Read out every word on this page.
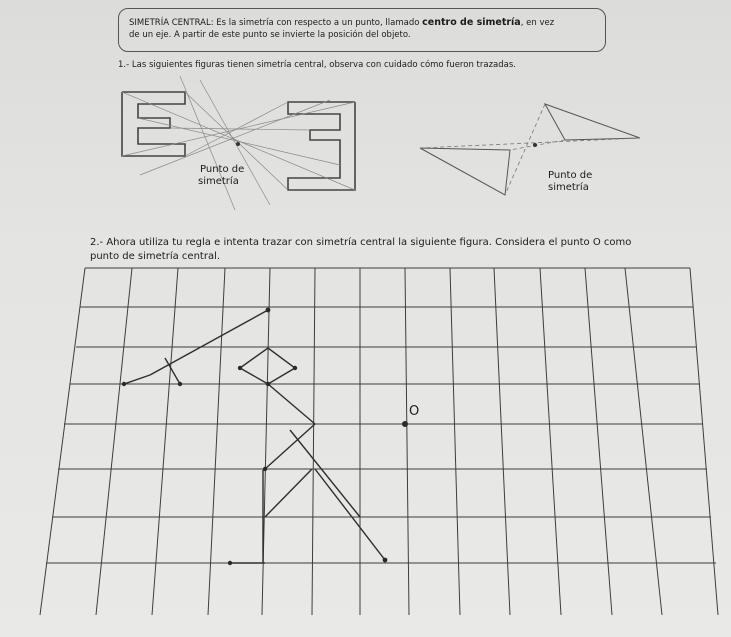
SIMETRÍA CENTRAL: Es la simetría con respecto a un punto, llamado centro de simetría, en vez
de un eje. A partir de este punto se invierte la posición del objeto.
1.- Las siguientes figuras tienen simetría central, observa con cuidado cómo fueron trazadas.
Punto de
simetría
Punto de
simetría
2.- Ahora utiliza tu regla e intenta trazar con simetría central la siguiente figura. Considera el punto O como punto de simetría central.
O
